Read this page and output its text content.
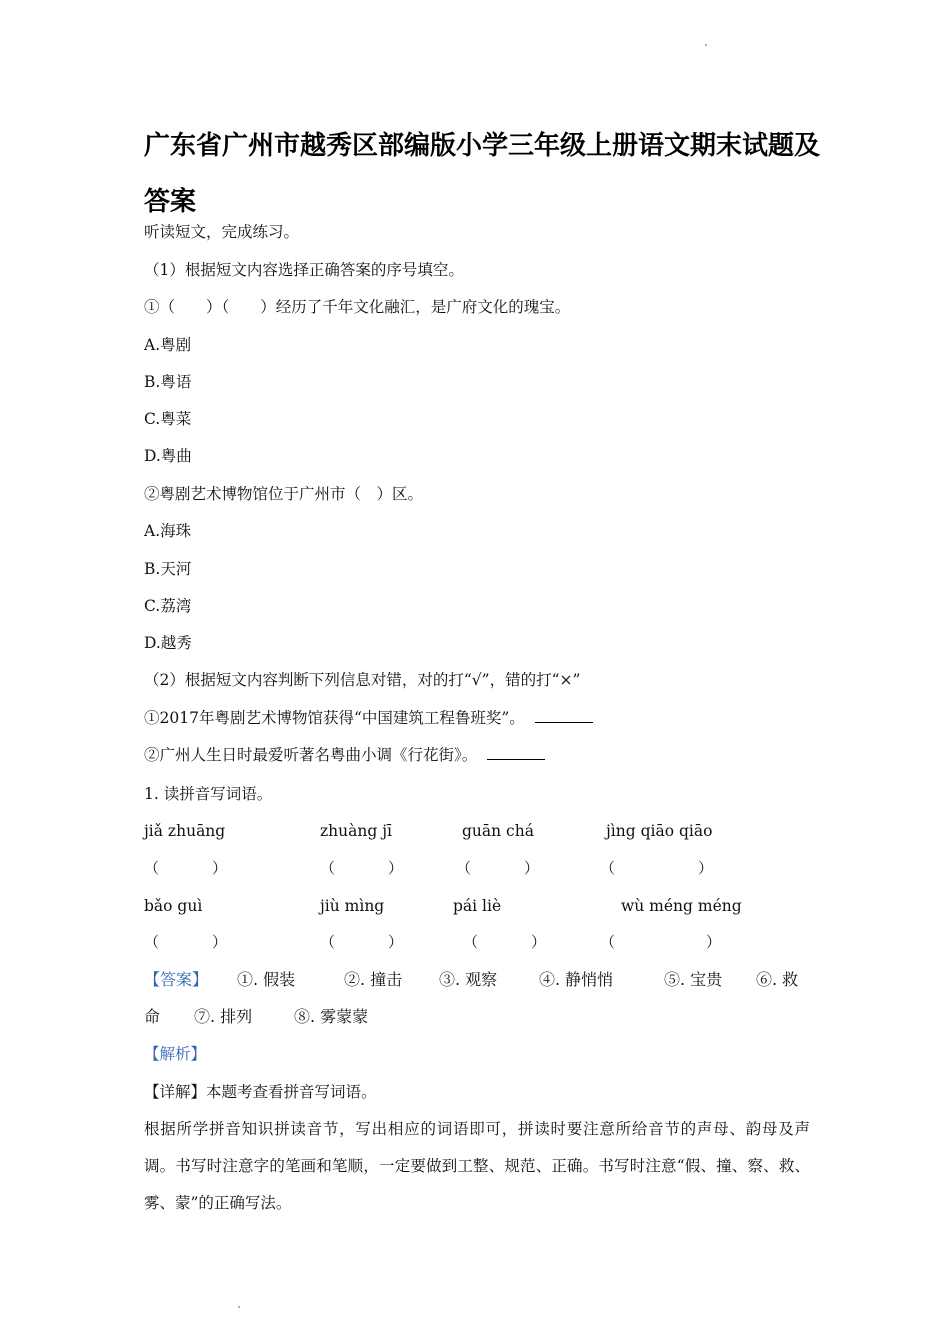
广东省广州市越秀区部编版小学三年级上册语文期末试题及答案
听读短文，完成练习。
（1）根据短文内容选择正确答案的序号填空。
①（　　）（　　）经历了千年文化融汇，是广府文化的瑰宝。
A.粤剧
B.粤语
C.粤菜
D.粤曲
②粤剧艺术博物馆位于广州市（　）区。
A.海珠
B.天河
C.荔湾
D.越秀
（2）根据短文内容判断下列信息对错，对的打“√”，错的打“×”
①2017年粤剧艺术博物馆获得“中国建筑工程鲁班奖”。
②广州人生日时最爱听著名粤曲小调《行花街》。
1. 读拼音写词语。
jiǎ zhuāng	zhuàng jī	guān chá	jìng qiāo qiāo
（	）	（	）	（	）	（	）
bǎo guì	jiù mìng	pái liè	wù méng méng
（	）	（	）	（	）	（	）
【答案】 ①. 假装	②. 撞击 ③. 观察	④. 静悄悄	⑤. 宝贵 ⑥. 救
命 ⑦. 排列	⑧. 雾蒙蒙
【解析】
【详解】本题考查看拼音写词语。
根据所学拼音知识拼读音节，写出相应的词语即可，拼读时要注意所给音节的声母、韵母及声调。书写时注意字的笔画和笔顺，一定要做到工整、规范、正确。书写时注意“假、撞、察、救、雾、蒙”的正确写法。
